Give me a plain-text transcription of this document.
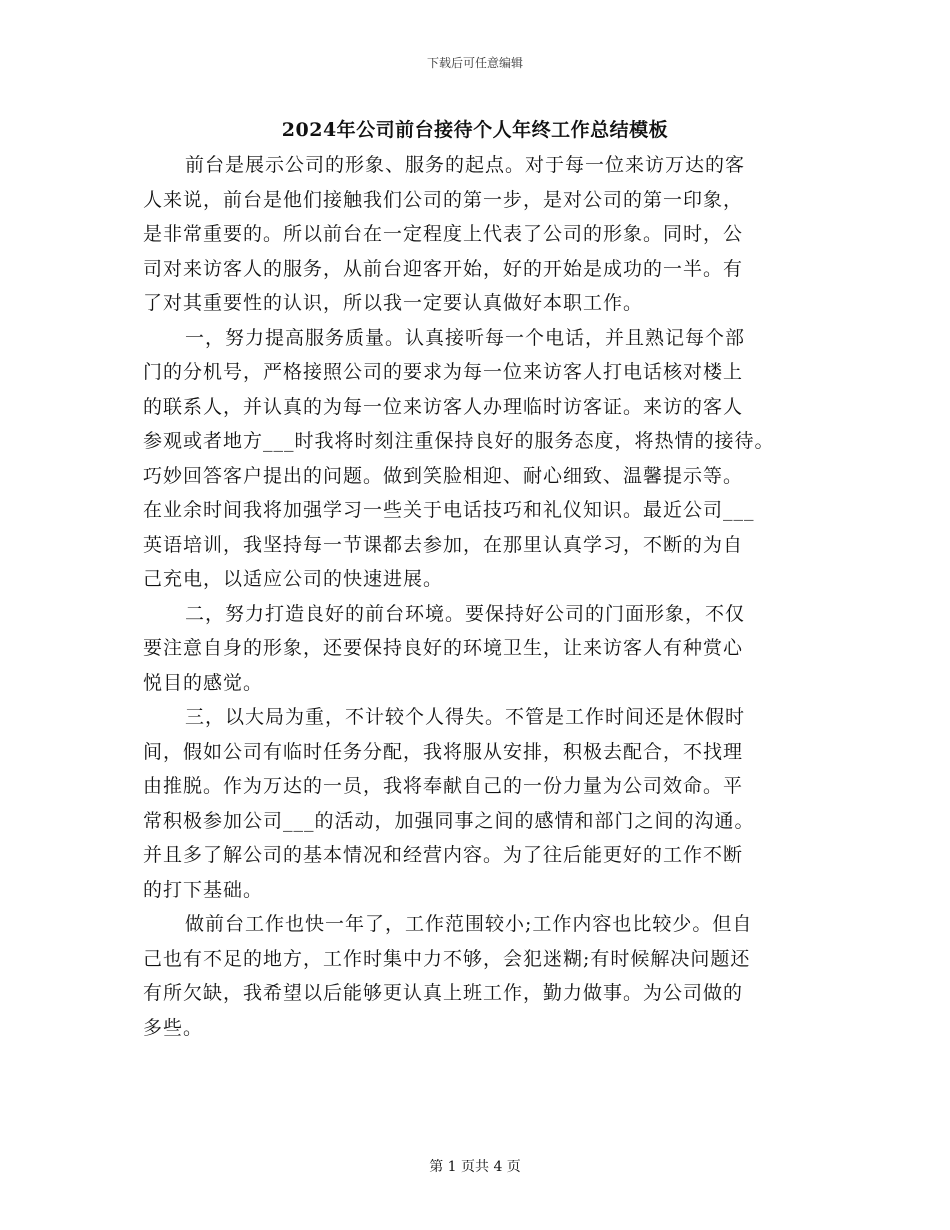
下载后可任意编辑

2024年公司前台接待个人年终工作总结模板
前台是展示公司的形象、服务的起点。对于每一位来访万达的客
人来说，前台是他们接触我们公司的第一步，是对公司的第一印象，
是非常重要的。所以前台在一定程度上代表了公司的形象。同时，公
司对来访客人的服务，从前台迎客开始，好的开始是成功的一半。有
了对其重要性的认识，所以我一定要认真做好本职工作。
一，努力提高服务质量。认真接听每一个电话，并且熟记每个部
门的分机号，严格接照公司的要求为每一位来访客人打电话核对楼上
的联系人，并认真的为每一位来访客人办理临时访客证。来访的客人
参观或者地方___时我将时刻注重保持良好的服务态度，将热情的接待。
巧妙回答客户提出的问题。做到笑脸相迎、耐心细致、温馨提示等。
在业余时间我将加强学习一些关于电话技巧和礼仪知识。最近公司___
英语培训，我坚持每一节课都去参加，在那里认真学习，不断的为自
己充电，以适应公司的快速进展。
二，努力打造良好的前台环境。要保持好公司的门面形象，不仅
要注意自身的形象，还要保持良好的环境卫生，让来访客人有种赏心
悦目的感觉。
三，以大局为重，不计较个人得失。不管是工作时间还是休假时
间，假如公司有临时任务分配，我将服从安排，积极去配合，不找理
由推脱。作为万达的一员，我将奉献自己的一份力量为公司效命。平
常积极参加公司___的活动，加强同事之间的感情和部门之间的沟通。
并且多了解公司的基本情况和经营内容。为了往后能更好的工作不断
的打下基础。
做前台工作也快一年了，工作范围较小;工作内容也比较少。但自
己也有不足的地方，工作时集中力不够，会犯迷糊;有时候解决问题还
有所欠缺，我希望以后能够更认真上班工作，勤力做事。为公司做的
多些。

第 1 页共 4 页
